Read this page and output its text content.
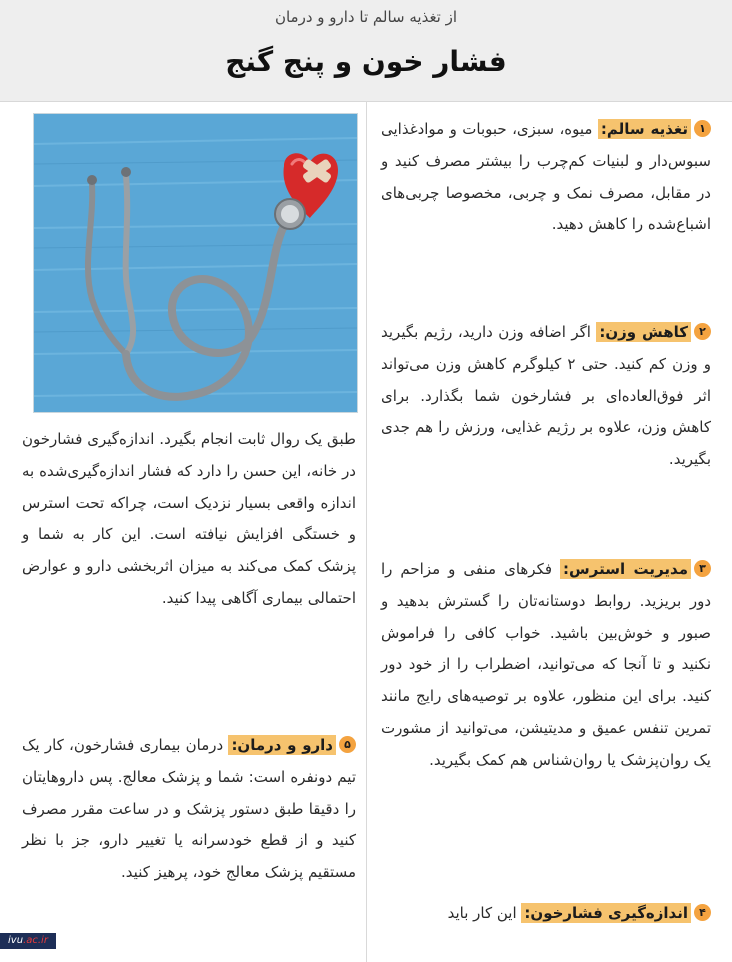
از تغذیه سالم تا دارو و درمان
فشار خون و پنج گنج
۱تغذیه سالم: میوه، سبزی، حبوبات و موادغذایی سبوس‌دار و لبنیات کم‌چرب را بیشتر مصرف کنید و در مقابل، مصرف نمک و چربی، مخصوصا چربی‌های اشباع‌شده را کاهش دهید.
۲کاهش وزن: اگر اضافه وزن دارید، رژیم بگیرید و وزن کم کنید. حتی ۲ کیلوگرم کاهش وزن می‌تواند اثر فوق‌العاده‌ای بر فشارخون شما بگذارد. برای کاهش وزن، علاوه بر رژیم غذایی، ورزش را هم جدی بگیرید.
۳مدیریت استرس: فکرهای منفی و مزاحم را دور بریزید. روابط دوستانه‌تان را گسترش بدهید و صبور و خوش‌بین باشید. خواب کافی را فراموش نکنید و تا آنجا که می‌توانید، اضطراب را از خود دور کنید. برای این منظور، علاوه بر توصیه‌های رایج مانند تمرین تنفس عمیق و مدیتیشن، می‌توانید از مشورت یک روان‌پزشک یا روان‌شناس هم کمک بگیرید.
۴اندازه‌گیری فشارخون: این کار باید
طبق یک روال ثابت انجام بگیرد. اندازه‌گیری فشارخون در خانه، این حسن را دارد که فشار اندازه‌گیری‌شده به اندازه واقعی بسیار نزدیک است، چراکه تحت استرس و خستگی افزایش نیافته است. این کار به شما و پزشک کمک می‌کند به میزان اثربخشی دارو و عوارض احتمالی بیماری آگاهی پیدا کنید.
۵دارو و درمان: درمان بیماری فشارخون، کار یک تیم دونفره است: شما و پزشک معالج. پس داروهایتان را دقیقا طبق دستور پزشک و در ساعت مقرر مصرف کنید و از قطع خودسرانه یا تغییر دارو، جز با نظر مستقیم پزشک معالج خود، پرهیز کنید.
ivu.ac.ir
